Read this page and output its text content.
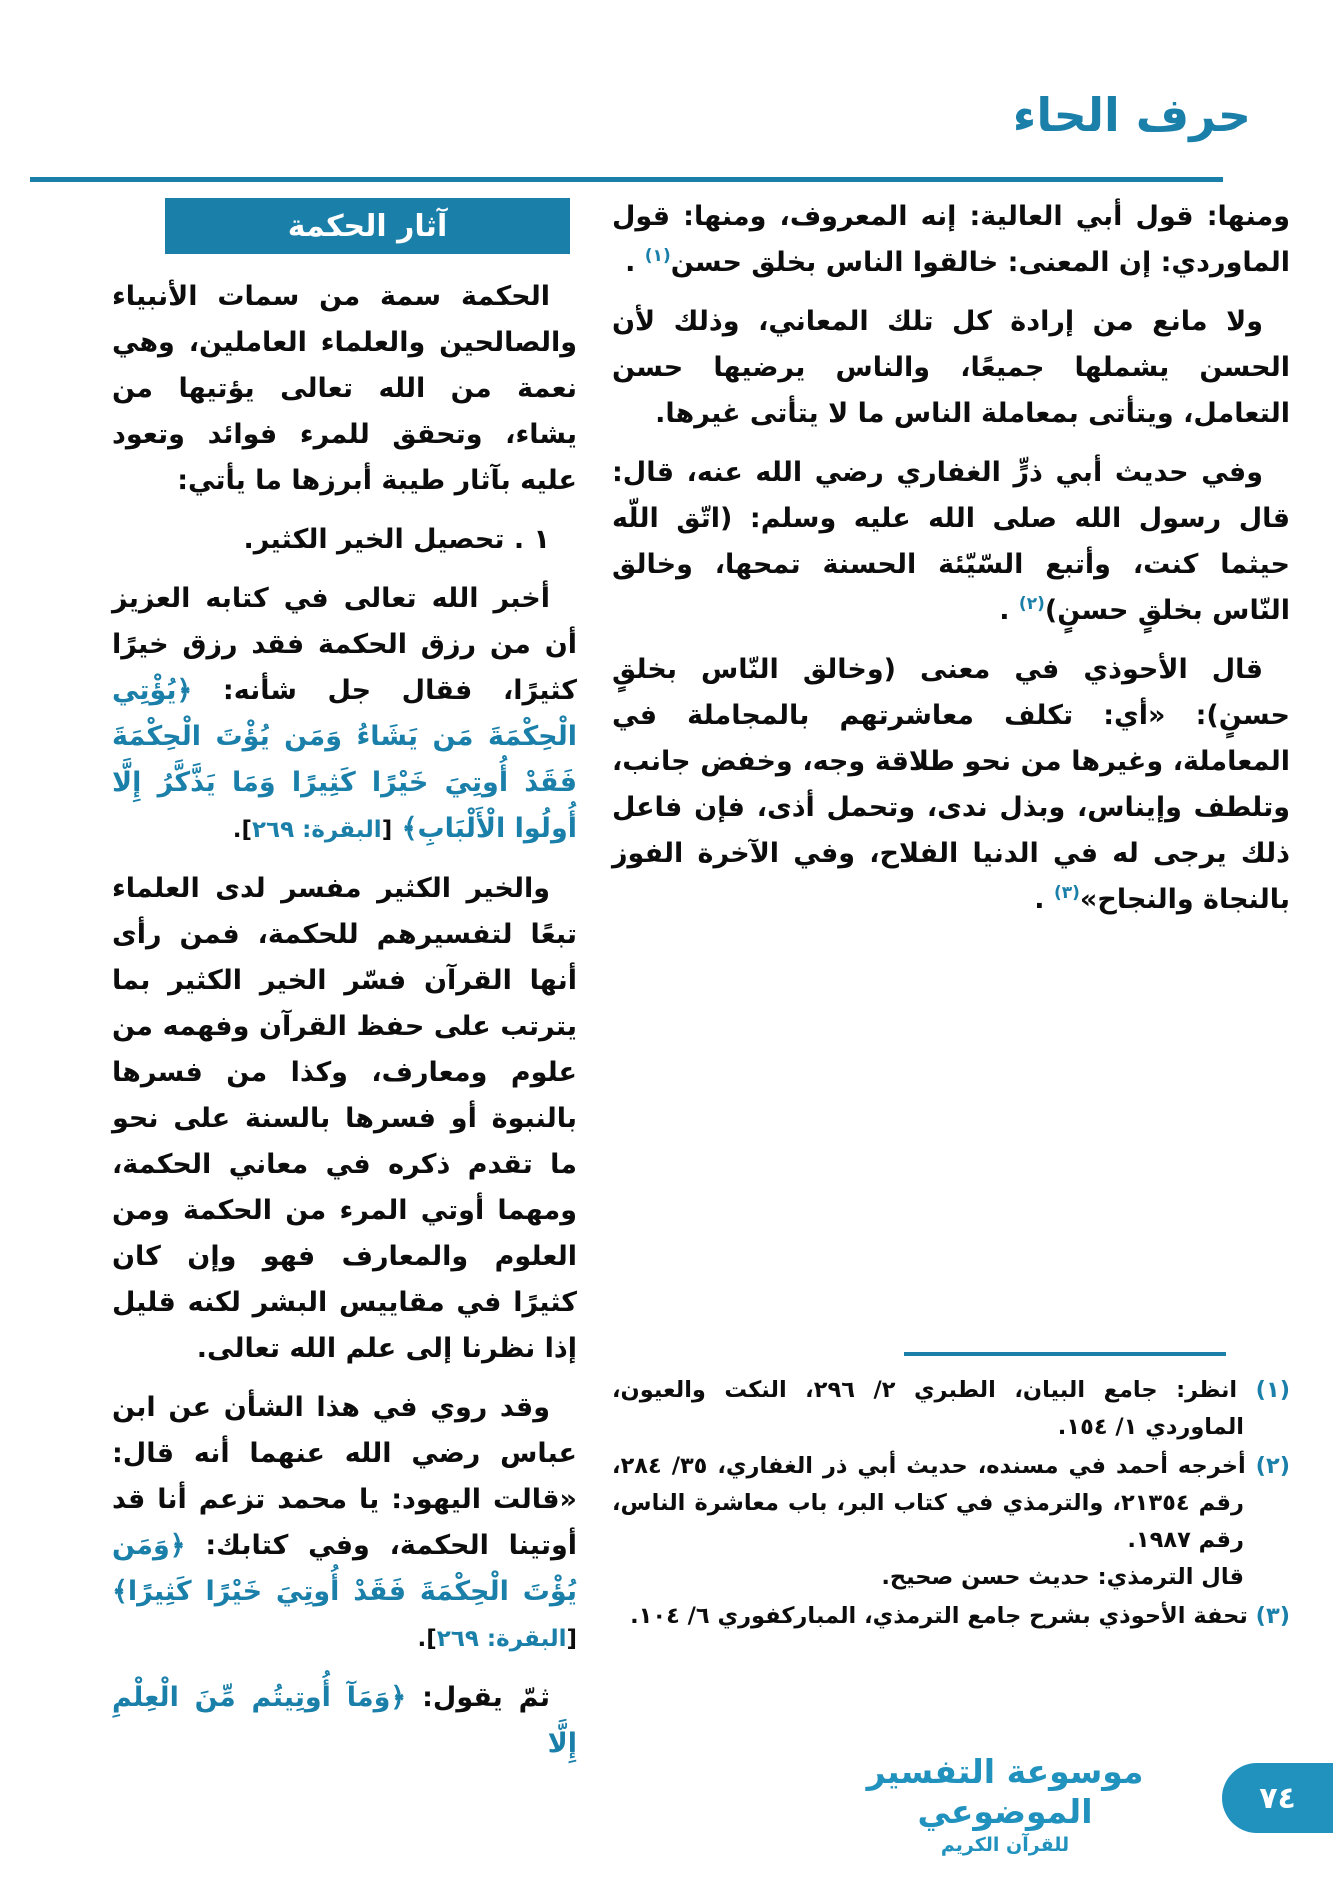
حرف الحاء

ومنها: قول أبي العالية: إنه المعروف، ومنها: قول الماوردي: إن المعنى: خالقوا الناس بخلق حسن$^{(١)}$ .

ولا مانع من إرادة كل تلك المعاني، وذلك لأن الحسن يشملها جميعًا، والناس يرضيها حسن التعامل، ويتأتى بمعاملة الناس ما لا يتأتى غيرها.

وفي حديث أبي ذرٍّ الغفاري رضي الله عنه، قال: قال رسول الله صلى الله عليه وسلم: (اتّق اللّه حيثما كنت، وأتبع السّيّئة الحسنة تمحها، وخالق النّاس بخلقٍ حسنٍ)$^{(٢)}$ .

قال الأحوذي في معنى (وخالق النّاس بخلقٍ حسنٍ): «أي: تكلف معاشرتهم بالمجاملة في المعاملة، وغيرها من نحو طلاقة وجه، وخفض جانب، وتلطف وإيناس، وبذل ندى، وتحمل أذى، فإن فاعل ذلك يرجى له في الدنيا الفلاح، وفي الآخرة الفوز بالنجاة والنجاح»$^{(٣)}$ .

آثار الحكمة

الحكمة سمة من سمات الأنبياء والصالحين والعلماء العاملين، وهي نعمة من الله تعالى يؤتيها من يشاء، وتحقق للمرء فوائد وتعود عليه بآثار طيبة أبرزها ما يأتي:

١ . تحصيل الخير الكثير.

أخبر الله تعالى في كتابه العزيز أن من رزق الحكمة فقد رزق خيرًا كثيرًا، فقال جل شأنه: ﴿يُؤْتِي الْحِكْمَةَ مَن يَشَاءُ وَمَن يُؤْتَ الْحِكْمَةَ فَقَدْ أُوتِيَ خَيْرًا كَثِيرًا وَمَا يَذَّكَّرُ إِلَّا أُولُوا الْأَلْبَابِ﴾ [البقرة: ٢٦٩].

والخير الكثير مفسر لدى العلماء تبعًا لتفسيرهم للحكمة، فمن رأى أنها القرآن فسّر الخير الكثير بما يترتب على حفظ القرآن وفهمه من علوم ومعارف، وكذا من فسرها بالنبوة أو فسرها بالسنة على نحو ما تقدم ذكره في معاني الحكمة، ومهما أوتي المرء من الحكمة ومن العلوم والمعارف فهو وإن كان كثيرًا في مقاييس البشر لكنه قليل إذا نظرنا إلى علم الله تعالى.

وقد روي في هذا الشأن عن ابن عباس رضي الله عنهما أنه قال: «قالت اليهود: يا محمد تزعم أنا قد أوتينا الحكمة، وفي كتابك: ﴿وَمَن يُؤْتَ الْحِكْمَةَ فَقَدْ أُوتِيَ خَيْرًا كَثِيرًا﴾ [البقرة: ٢٦٩].

ثمّ يقول: ﴿وَمَآ أُوتِيتُم مِّنَ الْعِلْمِ إِلَّا

(١) انظر: جامع البيان، الطبري ٢/ ٢٩٦، النكت والعيون، الماوردي ١/ ١٥٤.
(٢) أخرجه أحمد في مسنده، حديث أبي ذر الغفاري، ٣٥/ ٢٨٤، رقم ٢١٣٥٤، والترمذي في كتاب البر، باب معاشرة الناس، رقم ١٩٨٧.
قال الترمذي: حديث حسن صحيح.
(٣) تحفة الأحوذي بشرح جامع الترمذي، المباركفوري ٦/ ١٠٤.
موسوعة التفسير الموضوعي
للقرآن الكريم
٧٤
